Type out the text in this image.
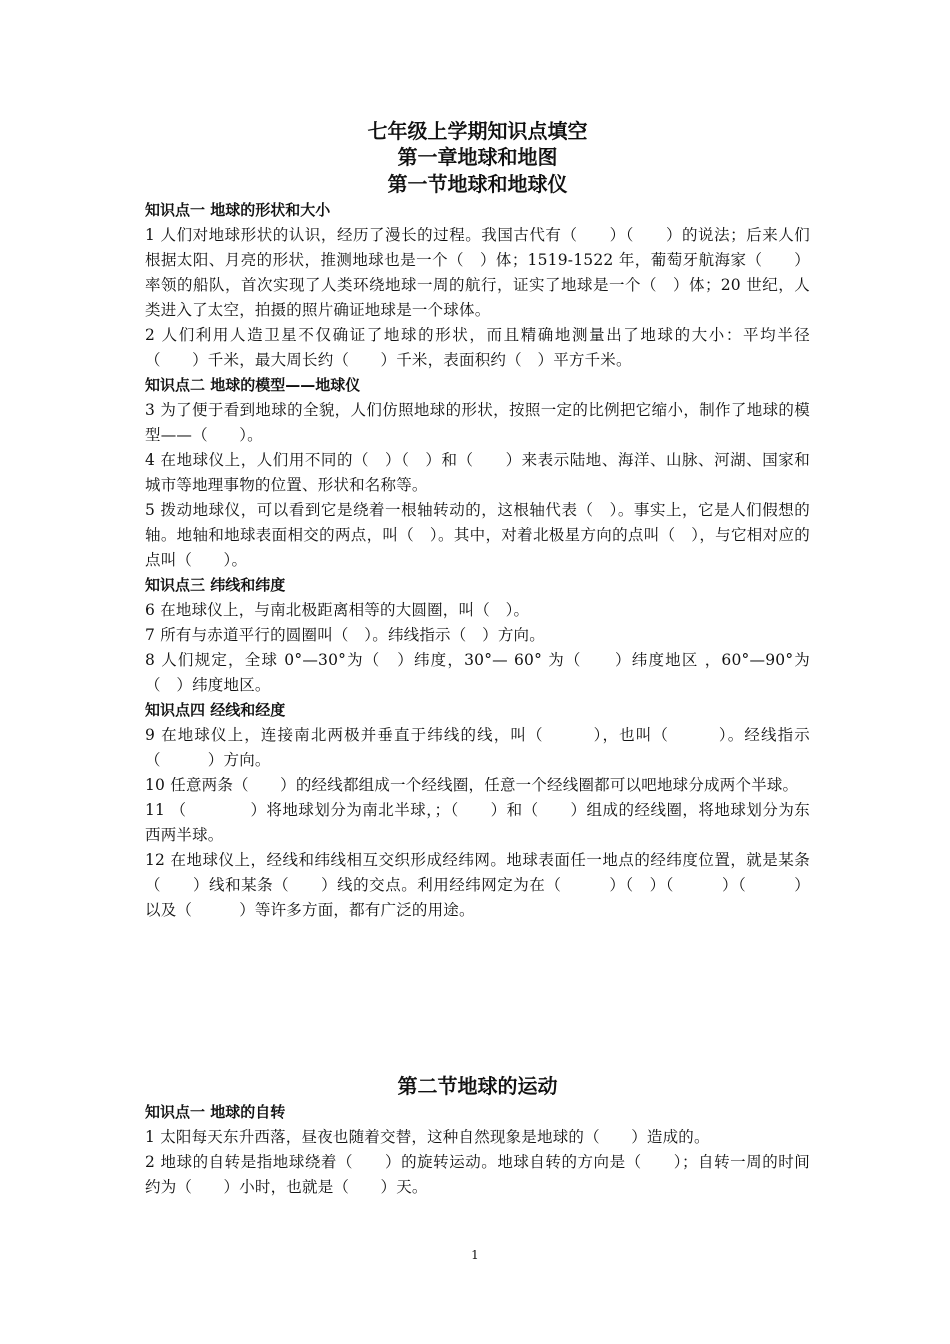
七年级上学期知识点填空
第一章地球和地图
第一节地球和地球仪
知识点一 地球的形状和大小
1 人们对地球形状的认识，经历了漫长的过程。我国古代有（　　）（　　）的说法；后来人们根据太阳、月亮的形状，推测地球也是一个（　）体；1519-1522 年，葡萄牙航海家（　　）率领的船队，首次实现了人类环绕地球一周的航行，证实了地球是一个（　）体；20 世纪，人类进入了太空，拍摄的照片确证地球是一个球体。
2 人们利用人造卫星不仅确证了地球的形状，而且精确地测量出了地球的大小：平均半径（　　）千米，最大周长约（　　）千米，表面积约（　）平方千米。
知识点二 地球的模型——地球仪
3 为了便于看到地球的全貌，人们仿照地球的形状，按照一定的比例把它缩小，制作了地球的模型——（　　）。
4 在地球仪上，人们用不同的（　）（　）和（　　）来表示陆地、海洋、山脉、河湖、国家和城市等地理事物的位置、形状和名称等。
5 拨动地球仪，可以看到它是绕着一根轴转动的，这根轴代表（　）。事实上，它是人们假想的轴。地轴和地球表面相交的两点，叫（　）。其中，对着北极星方向的点叫（　），与它相对应的点叫（　　）。
知识点三 纬线和纬度
6 在地球仪上，与南北极距离相等的大圆圈，叫（　）。
7 所有与赤道平行的圆圈叫（　）。纬线指示（　）方向。
8 人们规定，全球 0°—30°为（　）纬度，30°— 60° 为（　　）纬度地区 ，60°—90°为（　）纬度地区。
知识点四 经线和经度
9 在地球仪上，连接南北两极并垂直于纬线的线，叫（　　　），也叫（　　　）。经线指示（　　　）方向。
10 任意两条（　　）的经线都组成一个经线圈，任意一个经线圈都可以吧地球分成两个半球。
11 （　　　　）将地球划分为南北半球，；（　　）和（　　）组成的经线圈，将地球划分为东西两半球。
12 在地球仪上，经线和纬线相互交织形成经纬网。地球表面任一地点的经纬度位置，就是某条（　　）线和某条（　　）线的交点。利用经纬网定为在（　　　）（　）（　　　）（　　　）以及（　　　）等许多方面，都有广泛的用途。
第二节地球的运动
知识点一 地球的自转
1 太阳每天东升西落，昼夜也随着交替，这种自然现象是地球的（　　）造成的。
2 地球的自转是指地球绕着（　　）的旋转运动。地球自转的方向是（　　）；自转一周的时间约为（　　）小时，也就是（　　）天。
1
